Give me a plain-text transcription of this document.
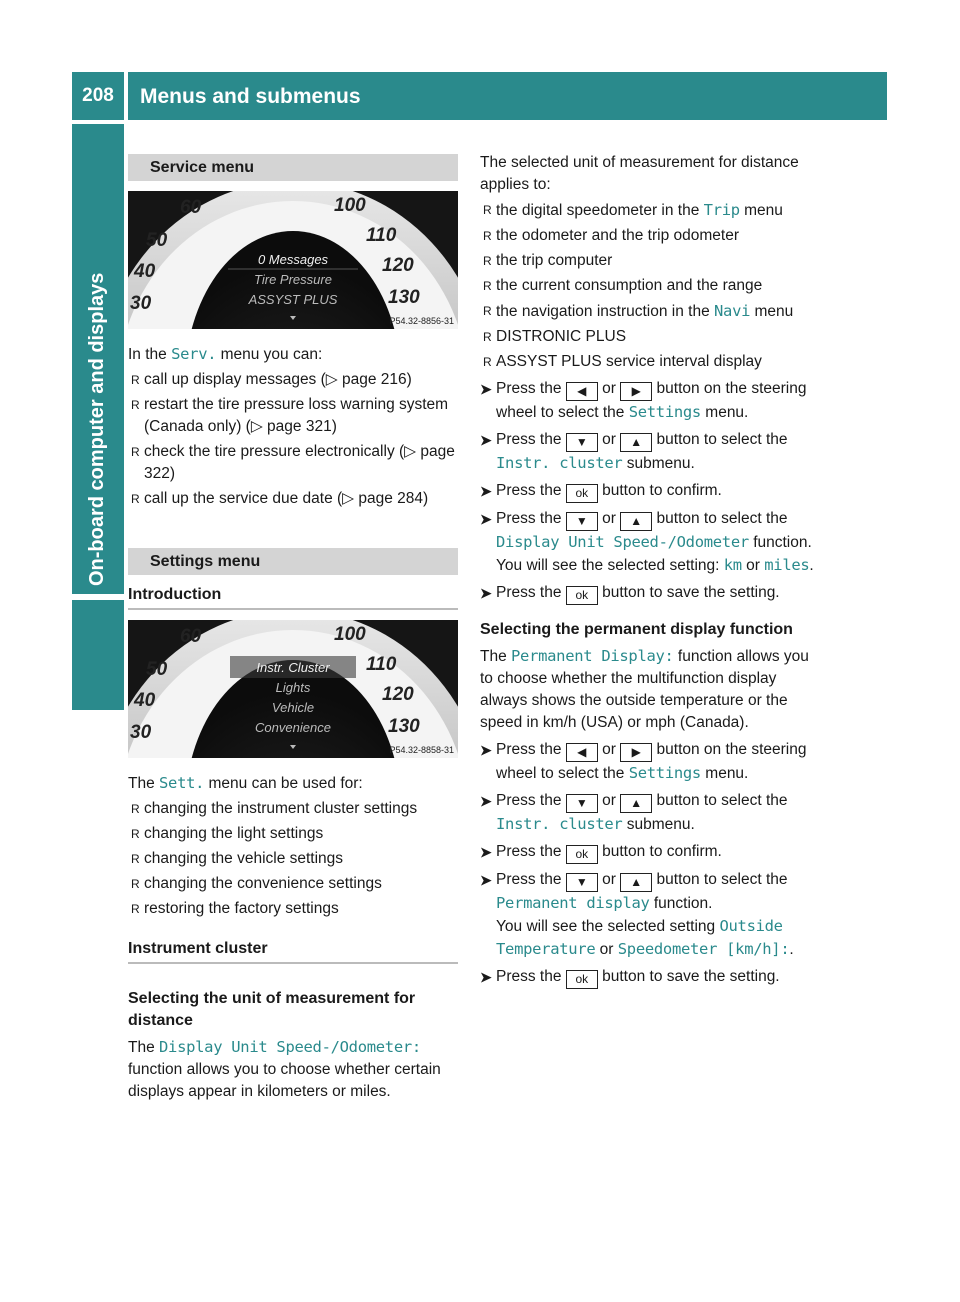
208	Menus and submenus
On-board computer and displays
Service menu
50
60
40
30
100
110
120
130
0 Messages
Tire Pressure
ASSYST PLUS
P54.32-8856-31

In the Serv. menu you can:

R call up display messages (▷ page 216)
R restart the tire pressure loss warning system (Canada only) (▷ page 321)
R check the tire pressure electronically (▷ page 322)
R call up the service due date (▷ page 284)
Settings menu
Introduction
50
60
40
30
100
110
120
130
Instr. Cluster
Lights
Vehicle
Convenience
P54.32-8858-31

The Sett. menu can be used for:

R changing the instrument cluster settings
R changing the light settings
R changing the vehicle settings
R changing the convenience settings
R restoring the factory settings
Instrument cluster
Selecting the unit of measurement for distance

The Display Unit Speed-/Odometer:
function allows you to choose whether certain displays appear in kilometers or miles.

The selected unit of measurement for distance applies to:

R the digital speedometer in the Trip menu
R the odometer and the trip odometer
R the trip computer
R the current consumption and the range
R the navigation instruction in the Navi menu
R DISTRONIC PLUS
R ASSYST PLUS service interval display
➤ Press the ◀ or ▶ button on the steering wheel to select the Settings menu.
➤ Press the ▼ or ▲ button to select the Instr. cluster submenu.
➤ Press the ok button to confirm.
➤ Press the ▼ or ▲ button to select the Display Unit Speed-/Odometer function.
You will see the selected setting: km or miles.
➤ Press the ok button to save the setting.
Selecting the permanent display function

The Permanent Display: function allows you to choose whether the multifunction display always shows the outside temperature or the speed in km/h (USA) or mph (Canada).

➤ Press the ◀ or ▶ button on the steering wheel to select the Settings menu.
➤ Press the ▼ or ▲ button to select the Instr. cluster submenu.
➤ Press the ok button to confirm.
➤ Press the ▼ or ▲ button to select the Permanent display function.
You will see the selected setting Outside Temperature or Speedometer [km/h]:.
➤ Press the ok button to save the setting.
